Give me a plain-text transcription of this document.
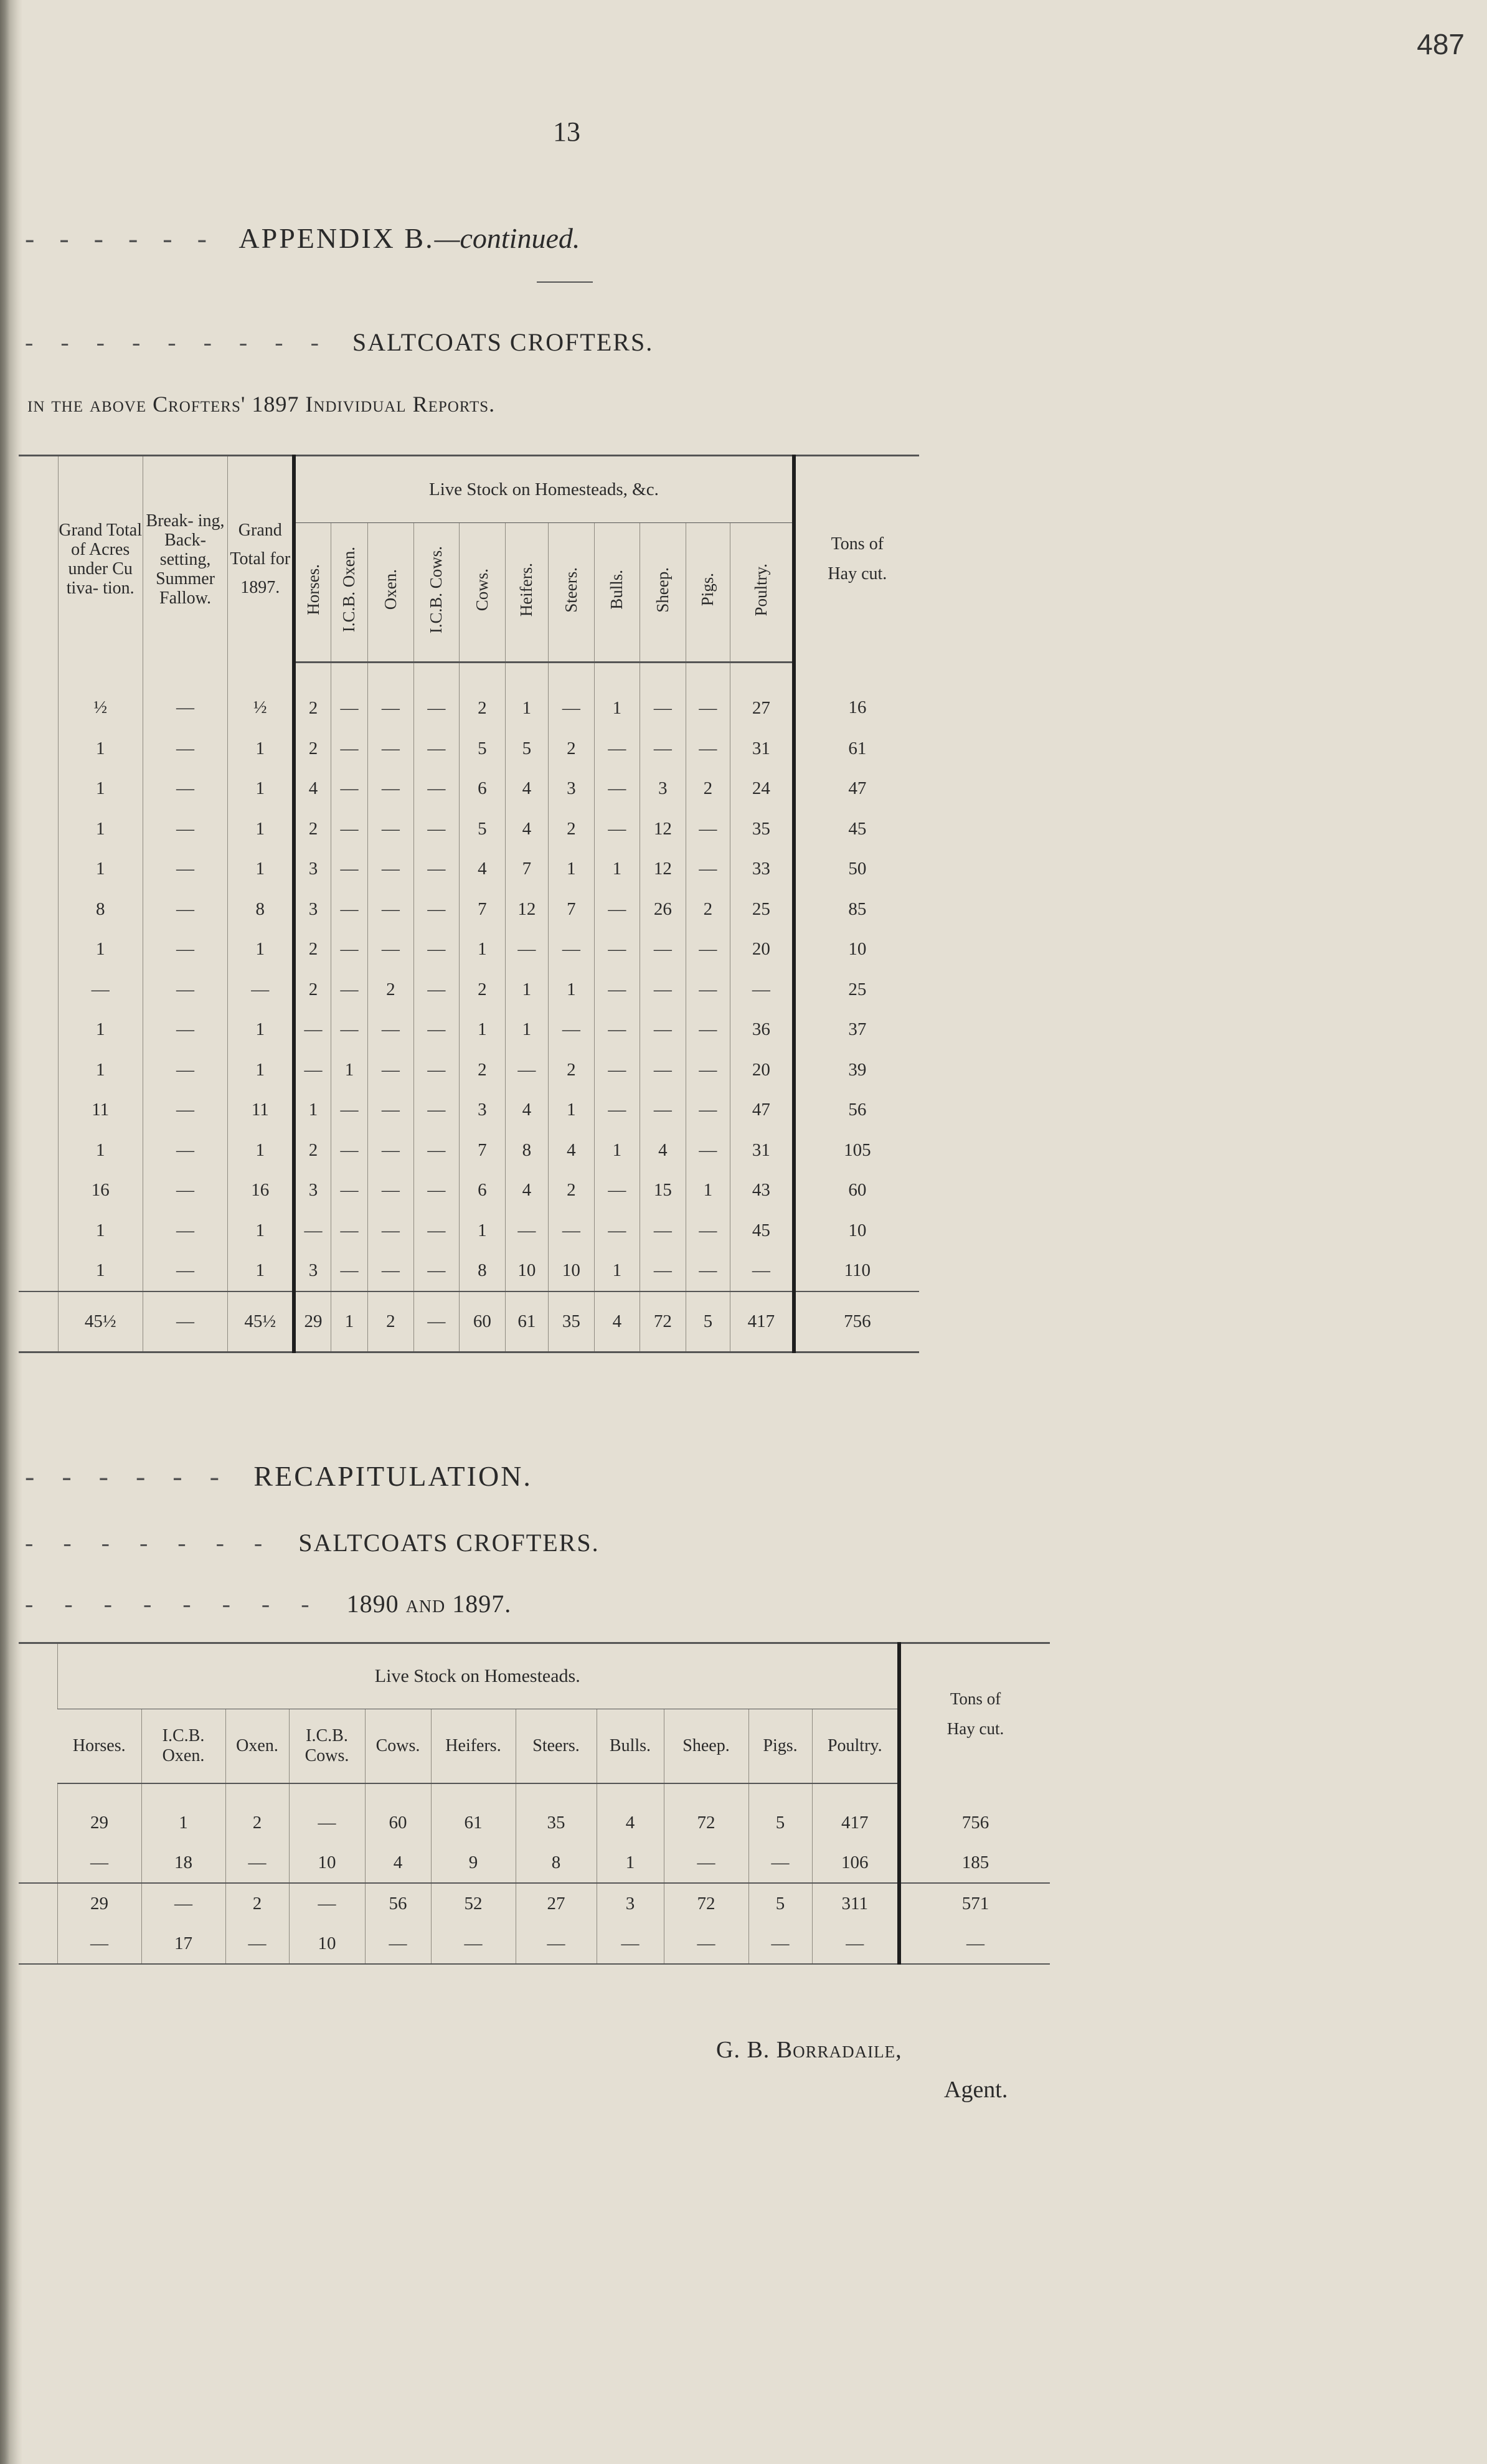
487
13
------ APPENDIX B.—continued.
--------- SALTCOATS CROFTERS.
in the above Crofters' 1897 Individual Reports.
	Grand Total of Acres under Cu tiva- tion.	Break- ing, Back- setting, Summer Fallow.	Grand Total for 1897.	Live Stock on Homesteads, &c.											Tons of Hay cut.
				Horses.	I.C.B. Oxen.	Oxen.	I.C.B. Cows.	Cows.	Heifers.	Steers.	Bulls.	Sheep.	Pigs.	Poultry.	
	½	—	½	2	—	—	—	2	1	—	1	—	—	27	16
	1	—	1	2	—	—	—	5	5	2	—	—	—	31	61
	1	—	1	4	—	—	—	6	4	3	—	3	2	24	47
	1	—	1	2	—	—	—	5	4	2	—	12	—	35	45
	1	—	1	3	—	—	—	4	7	1	1	12	—	33	50
	8	—	8	3	—	—	—	7	12	7	—	26	2	25	85
	1	—	1	2	—	—	—	1	—	—	—	—	—	20	10
	—	—	—	2	—	2	—	2	1	1	—	—	—	—	25
	1	—	1	—	—	—	—	1	1	—	—	—	—	36	37
	1	—	1	—	1	—	—	2	—	2	—	—	—	20	39
	11	—	11	1	—	—	—	3	4	1	—	—	—	47	56
	1	—	1	2	—	—	—	7	8	4	1	4	—	31	105
	16	—	16	3	—	—	—	6	4	2	—	15	1	43	60
	1	—	1	—	—	—	—	1	—	—	—	—	—	45	10
	1	—	1	3	—	—	—	8	10	10	1	—	—	—	110
	45½	—	45½	29	1	2	—	60	61	35	4	72	5	417	756
------ RECAPITULATION.
------- SALTCOATS CROFTERS.
-------- 1890 and 1897.
	Live Stock on Homesteads.											Tons of Hay cut.
	Horses.	I.C.B. Oxen.	Oxen.	I.C.B. Cows.	Cows.	Heifers.	Steers.	Bulls.	Sheep.	Pigs.	Poultry.	
	29	1	2	—	60	61	35	4	72	5	417	756
	—	18	—	10	4	9	8	1	—	—	106	185
	29	—	2	—	56	52	27	3	72	5	311	571
	—	17	—	10	—	—	—	—	—	—	—	—
G. B. Borradaile,
Agent.
